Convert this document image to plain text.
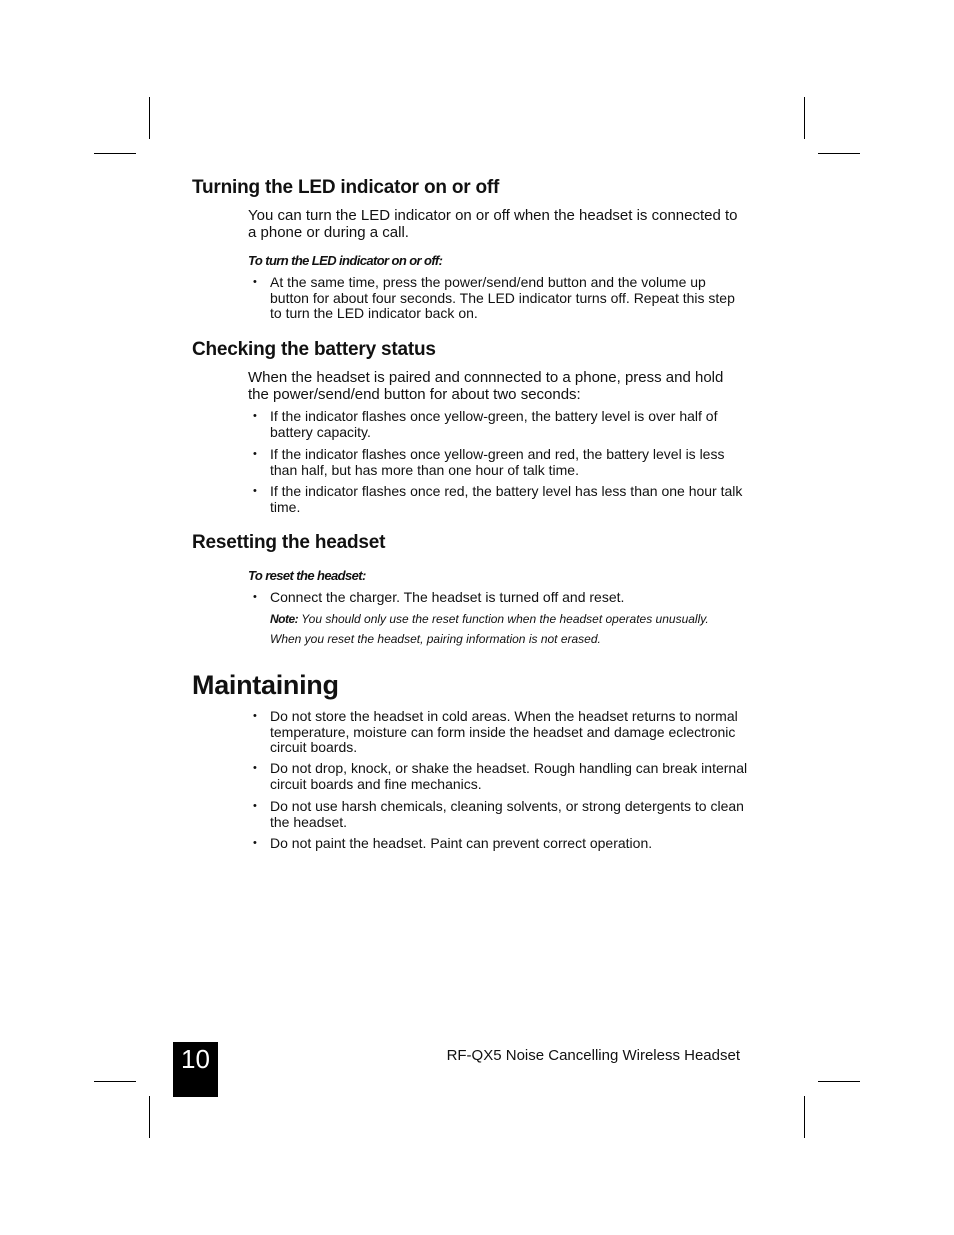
Turning the LED indicator on or off

You can turn the LED indicator on or off when the headset is connected to a phone or during a call.

To turn the LED indicator on or off:

• At the same time, press the power/send/end button and the volume up button for about four seconds. The LED indicator turns off. Repeat this step to turn the LED indicator back on.
Checking the battery status

When the headset is paired and connnected to a phone, press and hold the power/send/end button for about two seconds:

• If the indicator flashes once yellow-green, the battery level is over half of battery capacity.
• If the indicator flashes once yellow-green and red, the battery level is less than half, but has more than one hour of talk time.
• If the indicator flashes once red, the battery level has less than one hour talk time.
Resetting the headset

To reset the headset:

• Connect the charger. The headset is turned off and reset.

Note: You should only use the reset function when the headset operates unusually.
When you reset the headset, pairing information is not erased.

Maintaining
• Do not store the headset in cold areas. When the headset returns to normal temperature, moisture can form inside the headset and damage eclectronic circuit boards.
• Do not drop, knock, or shake the headset. Rough handling can break internal circuit boards and fine mechanics.
• Do not use harsh chemicals, cleaning solvents, or strong detergents to clean the headset.
• Do not paint the headset. Paint can prevent correct operation.
10	RF-QX5 Noise Cancelling Wireless Headset
